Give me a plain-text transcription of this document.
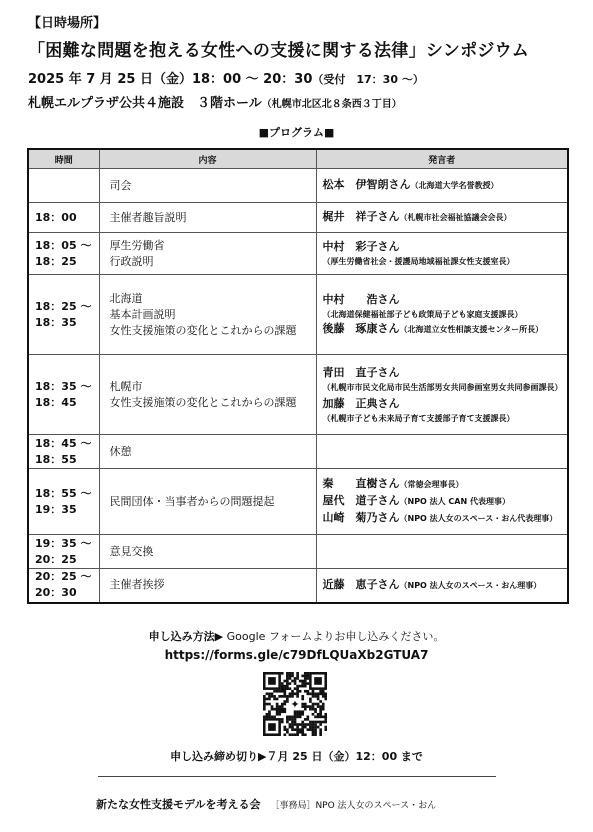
【日時場所】
「困難な問題を抱える女性への支援に関する法律」シンポジウム
2025 年 7 月 25 日（金）18：00 ～ 20：30（受付　17：30 ～）
札幌エルプラザ公共４施設　３階ホール（札幌市北区北８条西３丁目）
■プログラム■
時間	内容	発言者

	司会	松本　伊智朗さん（北海道大学名誉教授）

18：00	主催者趣旨説明	梶井　祥子さん（札幌市社会福祉協議会会長）

18：05 ～
18：25	厚生労働省
行政説明	中村　彩子さん
（厚生労働省社会・援護局地域福祉課女性支援室長）

18：25 ～
18：35	北海道
基本計画説明
女性支援施策の変化とこれからの課題	中村　　浩さん
（北海道保健福祉部子ども政策局子ども家庭支援課長）
後藤　琢康さん（北海道立女性相談支援センター所長）

18：35 ～
18：45	札幌市
女性支援施策の変化とこれからの課題	青田　直子さん
（札幌市市民文化局市民生活部男女共同参画室男女共同参画課長）
加藤　正典さん
（札幌市子ども未来局子育て支援部子育て支援課長）

18：45 ～
18：55	休憩	

18：55 ～
19：35	民間団体・当事者からの問題提起	秦　　直樹さん（常徳会理事長）
屋代　道子さん（NPO 法人 CAN 代表理事）
山崎　菊乃さん（NPO 法人女のスペース・おん代表理事）

19：35 ～
20：25	意見交換	

20：25 ～
20：30	主催者挨拶	近藤　恵子さん（NPO 法人女のスペース・おん理事）
申し込み方法▶ Google フォームよりお申し込みください。
https://forms.gle/c79DfLQUaXb2GTUA7
✦
申し込み締め切り▶７月 25 日（金）12：00 まで
新たな女性支援モデルを考える会 ［事務局］NPO 法人女のスペース・おん
